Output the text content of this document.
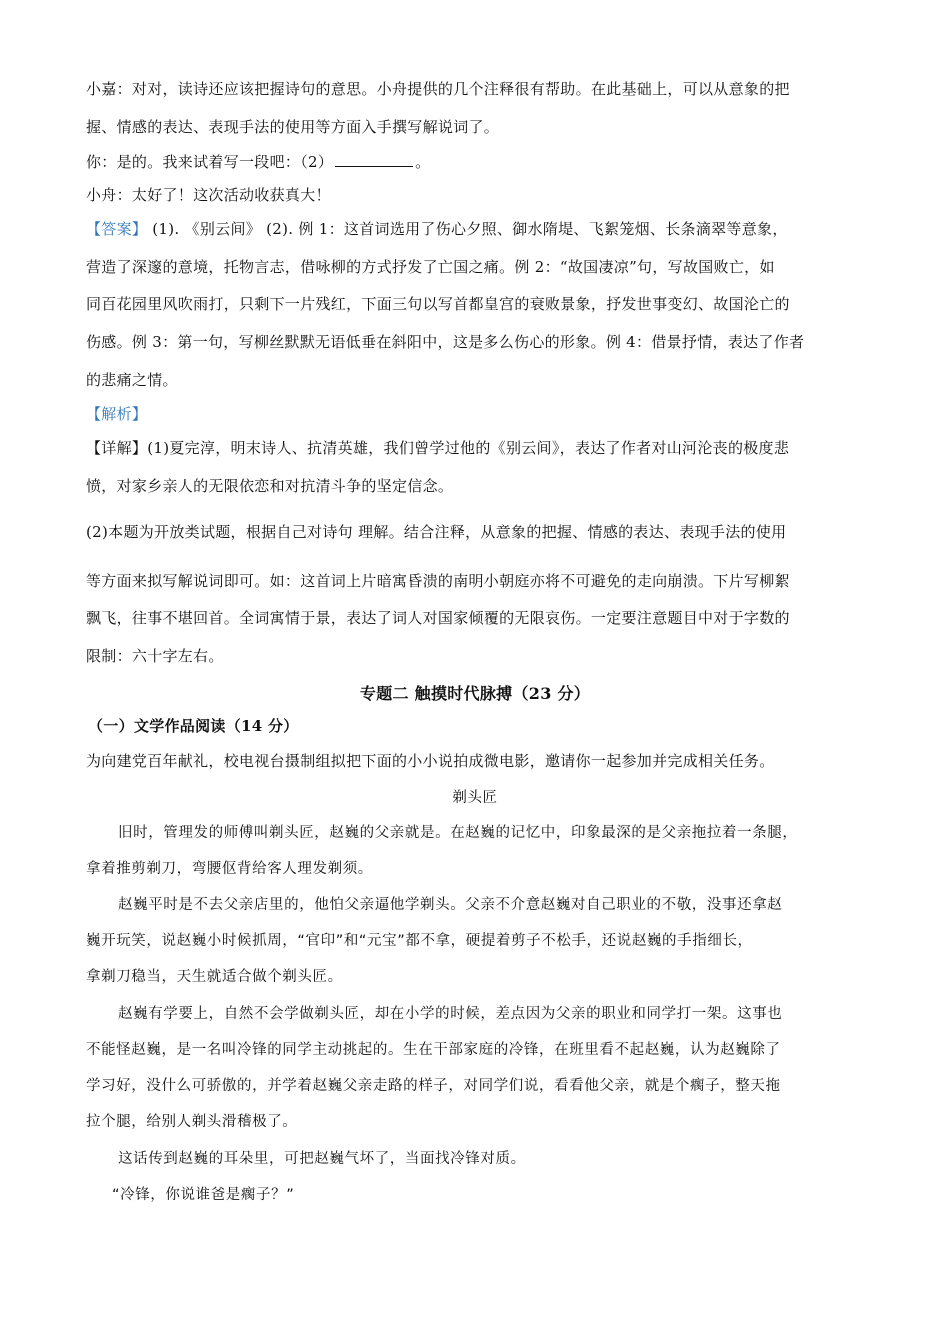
小嘉：对对，读诗还应该把握诗句的意思。小舟提供的几个注释很有帮助。在此基础上，可以从意象的把
握、情感的表达、表现手法的使用等方面入手撰写解说词了。
你：是的。我来试着写一段吧：（2）	。
小舟：太好了！这次活动收获真大！
【答案】 (1). 《别云间》 (2). 例 1：这首词选用了伤心夕照、御水隋堤、飞絮笼烟、长条滴翠等意象，
营造了深邃的意境，托物言志，借咏柳的方式抒发了亡国之痛。例 2：“故国凄凉”句，写故国败亡，如
同百花园里风吹雨打，只剩下一片残红，下面三句以写首都皇宫的衰败景象，抒发世事变幻、故国沦亡的
伤感。例 3：第一句，写柳丝默默无语低垂在斜阳中，这是多么伤心的形象。例 4：借景抒情，表达了作者
的悲痛之情。
【解析】
【详解】(1)夏完淳，明末诗人、抗清英雄，我们曾学过他的《别云间》，表达了作者对山河沦丧的极度悲
愤，对家乡亲人的无限依恋和对抗清斗争的坚定信念。
(2)本题为开放类试题，根据自己对诗句 理解。结合注释，从意象的把握、情感的表达、表现手法的使用
等方面来拟写解说词即可。如：这首词上片暗寓昏溃的南明小朝庭亦将不可避免的走向崩溃。下片写柳絮
飘飞，往事不堪回首。全词寓情于景，表达了词人对国家倾覆的无限哀伤。一定要注意题目中对于字数的
限制：六十字左右。
专题二 触摸时代脉搏（23 分）
（一）文学作品阅读（14 分）
为向建党百年献礼，校电视台摄制组拟把下面的小小说拍成微电影，邀请你一起参加并完成相关任务。
剃头匠
旧时，管理发的师傅叫剃头匠，赵巍的父亲就是。在赵巍的记忆中，印象最深的是父亲拖拉着一条腿，
拿着推剪剃刀，弯腰伛背给客人理发剃须。
赵巍平时是不去父亲店里的，他怕父亲逼他学剃头。父亲不介意赵巍对自己职业的不敬，没事还拿赵
巍开玩笑，说赵巍小时候抓周，“官印”和“元宝”都不拿，硬提着剪子不松手，还说赵巍的手指细长，
拿剃刀稳当，天生就适合做个剃头匠。
赵巍有学要上，自然不会学做剃头匠，却在小学的时候，差点因为父亲的职业和同学打一架。这事也
不能怪赵巍，是一名叫冷锋的同学主动挑起的。生在干部家庭的冷锋，在班里看不起赵巍，认为赵巍除了
学习好，没什么可骄傲的，并学着赵巍父亲走路的样子，对同学们说，看看他父亲，就是个瘸子，整天拖
拉个腿，给别人剃头滑稽极了。
这话传到赵巍的耳朵里，可把赵巍气坏了，当面找冷锋对质。
“冷锋，你说谁爸是瘸子？”
